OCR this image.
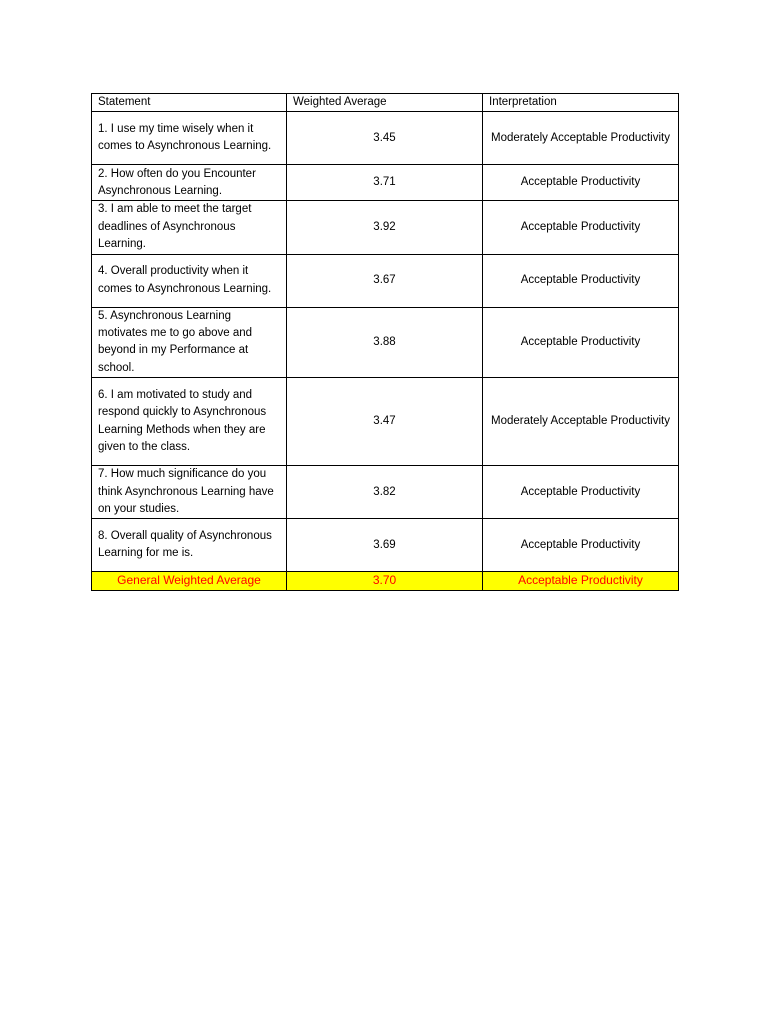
Statement	Weighted Average	Interpretation
1. I use my time wisely when it comes to Asynchronous Learning.	3.45	Moderately Acceptable Productivity
2. How often do you Encounter Asynchronous Learning.	3.71	Acceptable Productivity
3. I am able to meet the target deadlines of Asynchronous Learning.	3.92	Acceptable Productivity
4. Overall productivity when it comes to Asynchronous Learning.	3.67	Acceptable Productivity
5. Asynchronous Learning motivates me to go above and beyond in my Performance at school.	3.88	Acceptable Productivity
6. I am motivated to study and respond quickly to Asynchronous Learning Methods when they are given to the class.	3.47	Moderately Acceptable Productivity
7. How much significance do you think Asynchronous Learning have on your studies.	3.82	Acceptable Productivity
8. Overall quality of Asynchronous Learning for me is.	3.69	Acceptable Productivity
General Weighted Average	3.70	Acceptable Productivity
